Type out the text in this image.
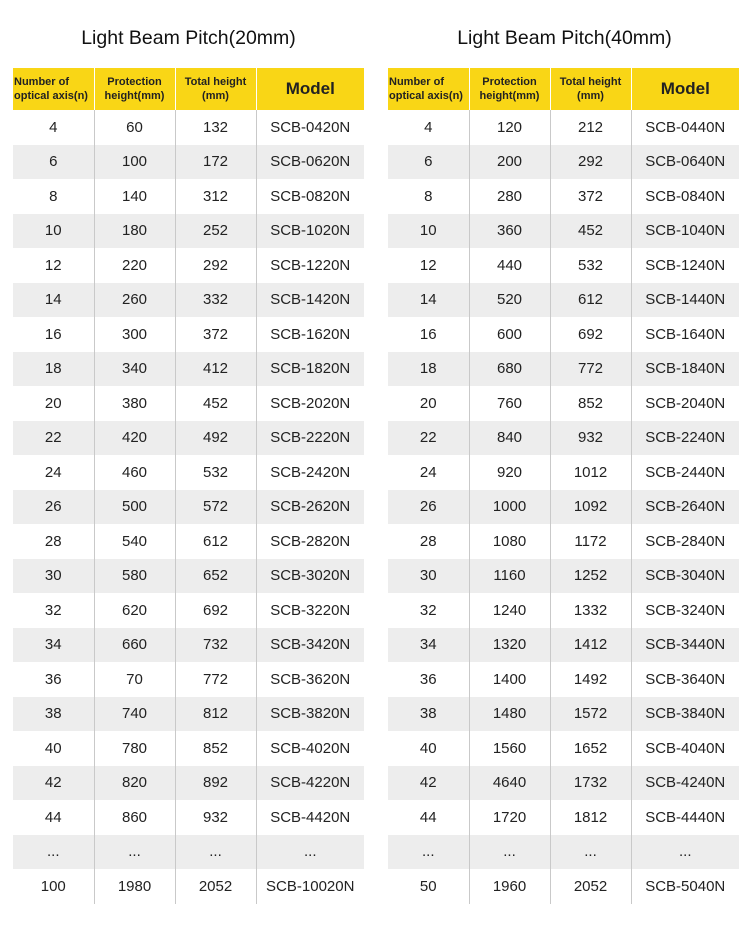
Light Beam Pitch(20mm)
Number of optical axis(n)	Protection height(mm)	Total height (mm)	Model
4	60	132	SCB-0420N
6	100	172	SCB-0620N
8	140	312	SCB-0820N
10	180	252	SCB-1020N
12	220	292	SCB-1220N
14	260	332	SCB-1420N
16	300	372	SCB-1620N
18	340	412	SCB-1820N
20	380	452	SCB-2020N
22	420	492	SCB-2220N
24	460	532	SCB-2420N
26	500	572	SCB-2620N
28	540	612	SCB-2820N
30	580	652	SCB-3020N
32	620	692	SCB-3220N
34	660	732	SCB-3420N
36	70	772	SCB-3620N
38	740	812	SCB-3820N
40	780	852	SCB-4020N
42	820	892	SCB-4220N
44	860	932	SCB-4420N
...	...	...	...
100	1980	2052	SCB-10020N
Light Beam Pitch(40mm)
Number of optical axis(n)	Protection height(mm)	Total height (mm)	Model
4	120	212	SCB-0440N
6	200	292	SCB-0640N
8	280	372	SCB-0840N
10	360	452	SCB-1040N
12	440	532	SCB-1240N
14	520	612	SCB-1440N
16	600	692	SCB-1640N
18	680	772	SCB-1840N
20	760	852	SCB-2040N
22	840	932	SCB-2240N
24	920	1012	SCB-2440N
26	1000	1092	SCB-2640N
28	1080	1172	SCB-2840N
30	1160	1252	SCB-3040N
32	1240	1332	SCB-3240N
34	1320	1412	SCB-3440N
36	1400	1492	SCB-3640N
38	1480	1572	SCB-3840N
40	1560	1652	SCB-4040N
42	4640	1732	SCB-4240N
44	1720	1812	SCB-4440N
...	...	...	...
50	1960	2052	SCB-5040N
